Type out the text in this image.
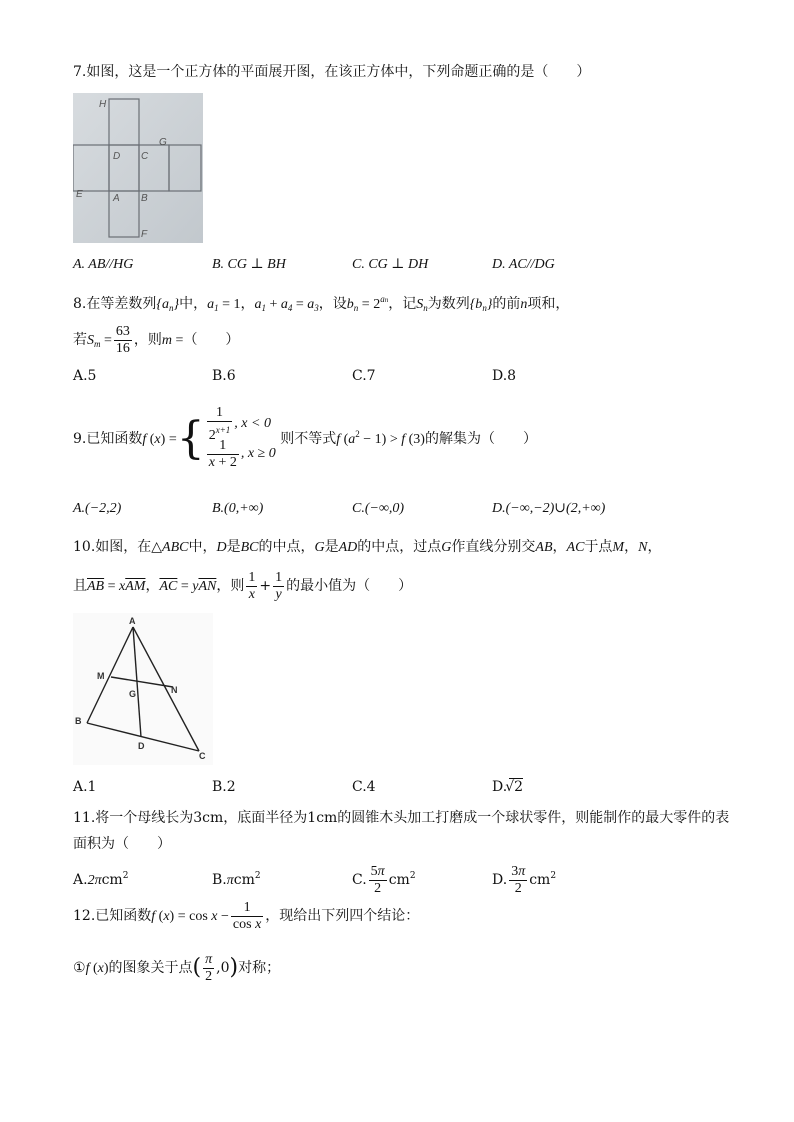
7.如图，这是一个正方体的平面展开图，在该正方体中，下列命题正确的是（　　）
H
D C
G
E	A B
F
A. AB//HG	B. CG ⊥ BH	C. CG ⊥ DH	D. AC//DG
8.在等差数列$\{a_n\}$中，$a_1 = 1$，$a_1 + a_4 = a_3$，设$b_n = 2^{an}$，记$S_n$为数列$\{b_n\}$的前n项和，
若$S_m = \frac{63}{16}$ ，则m =（　　）
A.5	B.6	C.7	D.8
9.已知函数f (x) ={ $\frac{1}{2^{x+1}}$ , x < 0
$\frac{1}{x + 2}$ , x ≥ 0
则不等式f $(a^2 - 1) > f$ (3)的解集为（　　）
A.(−2,2)	B.(0,+∞)	C.(−∞,0)	D.(−∞,−2)∪(2,+∞)
10.如图，在△ABC中，D是BC的中点，G是AD的中点，过点G作直线分别交AB，AC于点M，N，
且$\overline{AB} = x\overline{AM}$，$\overline{AC} = y\overline{AN}$，则 $\frac{1}{x} + \frac{1}{y}$ 的最小值为（　　）
A
M
N
G
B
D
C
A.1	B.2	C.4	D.√2
11.将一个母线长为3cm，底面半径为1cm的圆锥木头加工打磨成一个球状零件，则能制作的最大零件的表
面积为（　　）
A.2πcm$^2$	B.πcm$^2$	C. $\frac{5\pi}{2} cm^2$	D. $\frac{3\pi}{2} cm^2$
12.已知函数f $(x) = \cos x - \frac{1}{\text{cos x}}$ ，现给出下列四个结论：
①f (x)的图象关于点( $\frac{\pi}{2} ,0$)对称；
